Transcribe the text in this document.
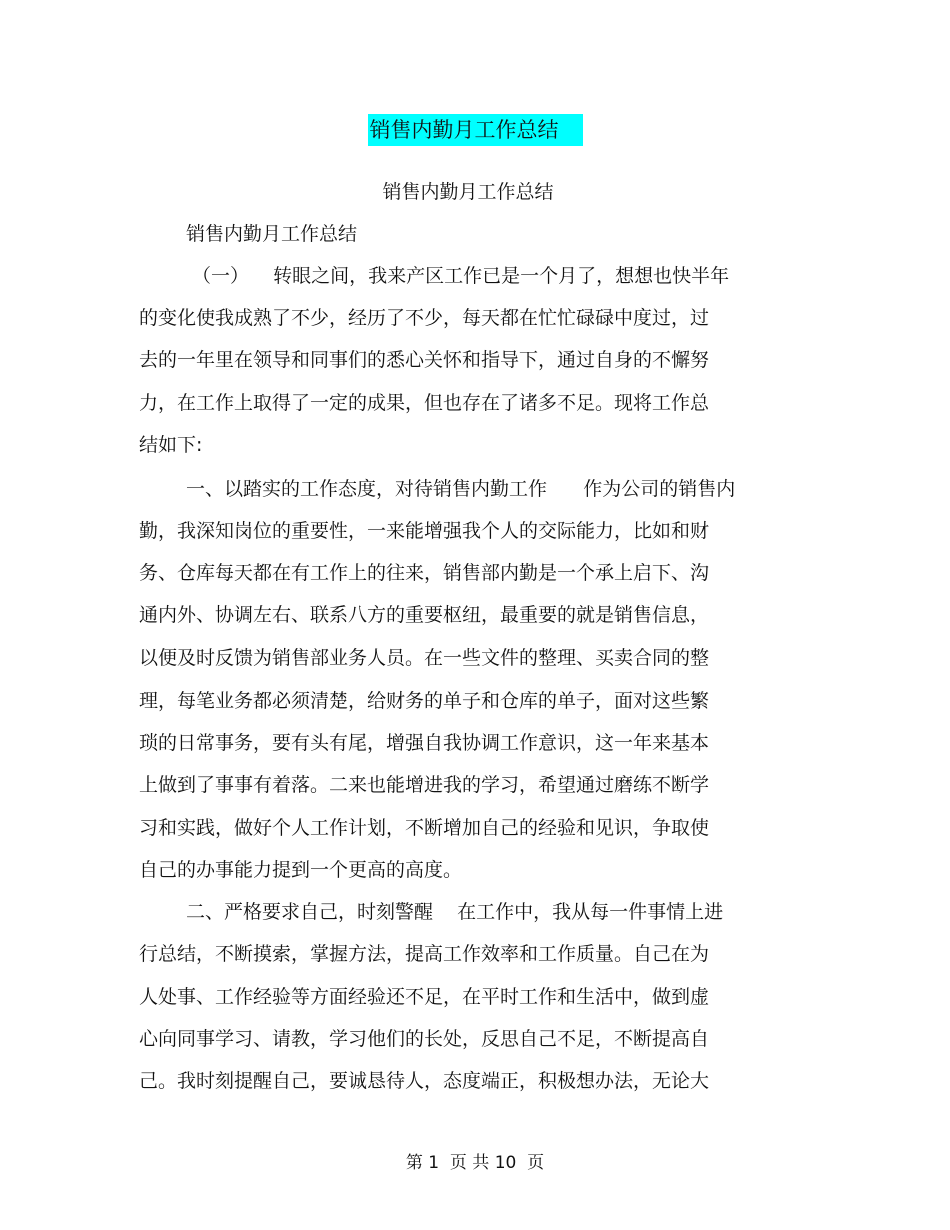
销售内勤月工作总结
销售内勤月工作总结
销售内勤月工作总结
（一）    转眼之间，我来产区工作已是一个月了，想想也快半年
的变化使我成熟了不少，经历了不少，每天都在忙忙碌碌中度过，过
去的一年里在领导和同事们的悉心关怀和指导下，通过自身的不懈努
力，在工作上取得了一定的成果，但也存在了诸多不足。现将工作总
结如下:
一、以踏实的工作态度，对待销售内勤工作      作为公司的销售内
勤，我深知岗位的重要性，一来能增强我个人的交际能力，比如和财
务、仓库每天都在有工作上的往来，销售部内勤是一个承上启下、沟
通内外、协调左右、联系八方的重要枢纽，最重要的就是销售信息，
以便及时反馈为销售部业务人员。在一些文件的整理、买卖合同的整
理，每笔业务都必须清楚，给财务的单子和仓库的单子，面对这些繁
琐的日常事务，要有头有尾，增强自我协调工作意识，这一年来基本
上做到了事事有着落。二来也能增进我的学习，希望通过磨练不断学
习和实践，做好个人工作计划，不断增加自己的经验和见识，争取使
自己的办事能力提到一个更高的高度。
二、严格要求自己，时刻警醒    在工作中，我从每一件事情上进
行总结，不断摸索，掌握方法，提高工作效率和工作质量。自己在为
人处事、工作经验等方面经验还不足，在平时工作和生活中，做到虚
心向同事学习、请教，学习他们的长处，反思自己不足，不断提高自
己。我时刻提醒自己，要诚恳待人，态度端正，积极想办法，无论大
第 1  页 共 10  页
